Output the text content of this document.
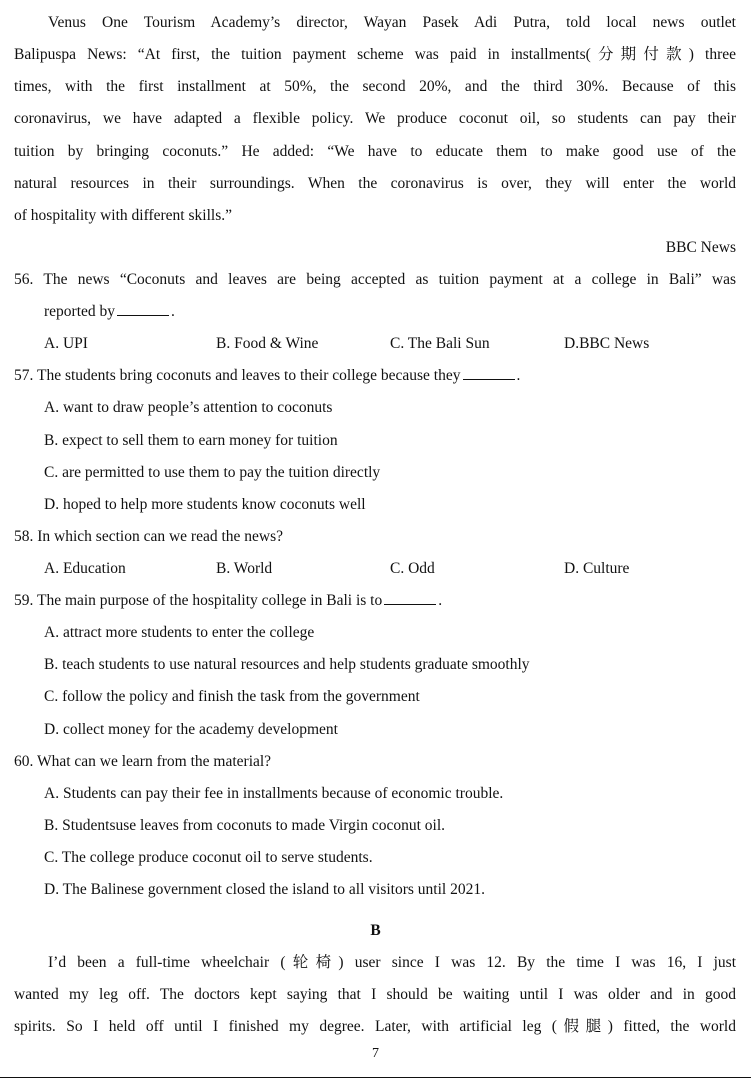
Venus One Tourism Academy’s director, Wayan Pasek Adi Putra, told local news outlet
Balipuspa News: “At first, the tuition payment scheme was paid in installments(分期付款) three
times, with the first installment at 50%, the second 20%, and the third 30%. Because of this
coronavirus, we have adapted a flexible policy. We produce coconut oil, so students can pay their
tuition by bringing coconuts.” He added: “We have to educate them to make good use of the
natural resources in their surroundings. When the coronavirus is over, they will enter the world
of hospitality with different skills.”
BBC News
56. The news “Coconuts and leaves are being accepted as tuition payment at a college in Bali” was
reported by	.
A. UPI	B. Food & Wine	C. The Bali Sun	D.BBC News
57. The students bring coconuts and leaves to their college because they	.
A. want to draw people’s attention to coconuts
B. expect to sell them to earn money for tuition
C. are permitted to use them to pay the tuition directly
D. hoped to help more students know coconuts well
58. In which section can we read the news?
A. Education	B. World	C. Odd	D. Culture
59. The main purpose of the hospitality college in Bali is to	.
A. attract more students to enter the college
B. teach students to use natural resources and help students graduate smoothly
C. follow the policy and finish the task from the government
D. collect money for the academy development
60. What can we learn from the material?
A. Students can pay their fee in installments because of economic trouble.
B. Studentsuse leaves from coconuts to made Virgin coconut oil.
C. The college produce coconut oil to serve students.
D. The Balinese government closed the island to all visitors until 2021.
B
I’d been a full-time wheelchair (轮椅) user since I was 12. By the time I was 16, I just
wanted my leg off. The doctors kept saying that I should be waiting until I was older and in good
spirits. So I held off until I finished my degree. Later, with artificial leg (假腿) fitted, the world
7
